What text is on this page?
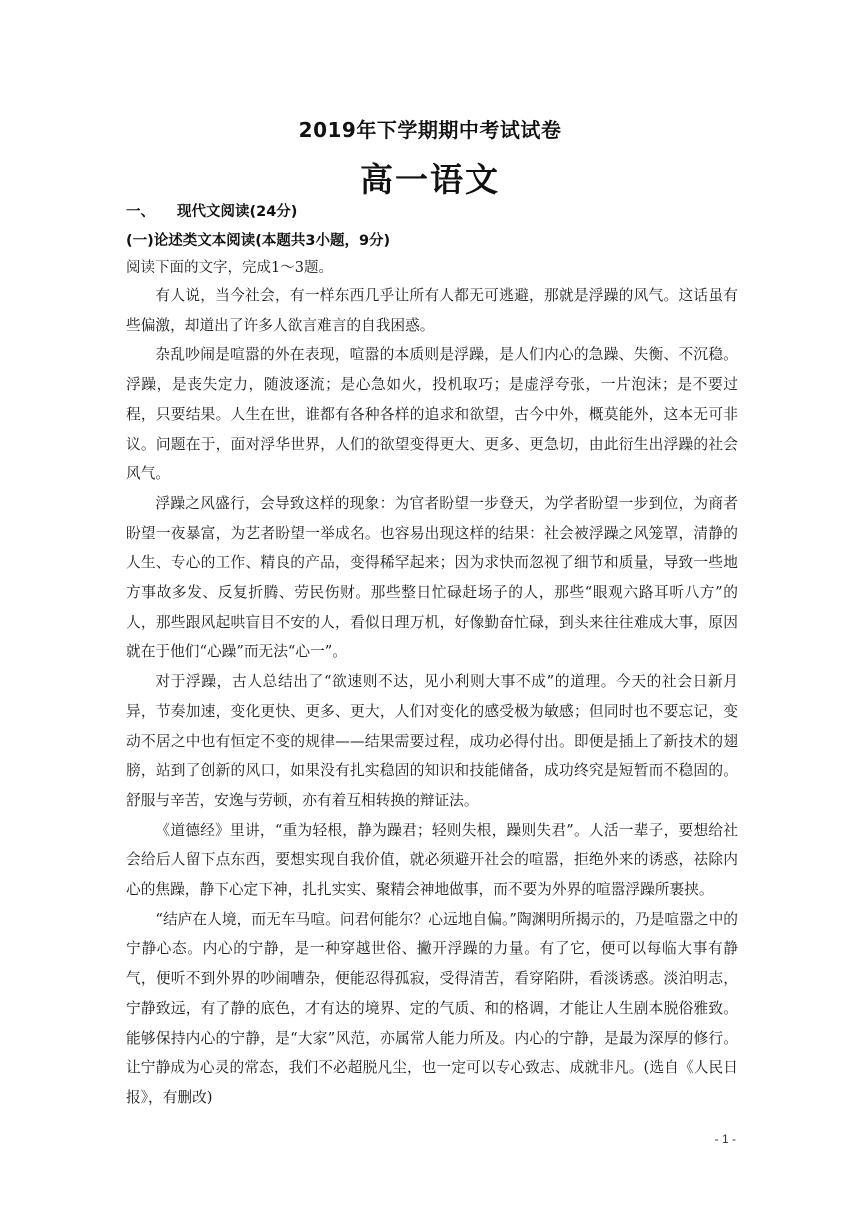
2019年下学期期中考试试卷
高一语文
一、 现代文阅读(24分)
(一)论述类文本阅读(本题共3小题，9分)
阅读下面的文字，完成1～3题。

有人说，当今社会，有一样东西几乎让所有人都无可逃避，那就是浮躁的风气。这话虽有些偏激，却道出了许多人欲言难言的自我困惑。

杂乱吵闹是喧嚣的外在表现，喧嚣的本质则是浮躁，是人们内心的急躁、失衡、不沉稳。浮躁，是丧失定力，随波逐流；是心急如火，投机取巧；是虚浮夸张，一片泡沫；是不要过程，只要结果。人生在世，谁都有各种各样的追求和欲望，古今中外，概莫能外，这本无可非议。问题在于，面对浮华世界，人们的欲望变得更大、更多、更急切，由此衍生出浮躁的社会风气。

浮躁之风盛行，会导致这样的现象：为官者盼望一步登天，为学者盼望一步到位，为商者盼望一夜暴富，为艺者盼望一举成名。也容易出现这样的结果：社会被浮躁之风笼罩，清静的人生、专心的工作、精良的产品，变得稀罕起来；因为求快而忽视了细节和质量，导致一些地方事故多发、反复折腾、劳民伤财。那些整日忙碌赶场子的人，那些“眼观六路耳听八方”的人，那些跟风起哄盲目不安的人，看似日理万机，好像勤奋忙碌，到头来往往难成大事，原因就在于他们“心躁”而无法“心一”。

对于浮躁，古人总结出了“欲速则不达，见小利则大事不成”的道理。今天的社会日新月异，节奏加速，变化更快、更多、更大，人们对变化的感受极为敏感；但同时也不要忘记，变动不居之中也有恒定不变的规律——结果需要过程，成功必得付出。即便是插上了新技术的翅膀，站到了创新的风口，如果没有扎实稳固的知识和技能储备，成功终究是短暂而不稳固的。舒服与辛苦，安逸与劳顿，亦有着互相转换的辩证法。

《道德经》里讲，“重为轻根，静为躁君；轻则失根，躁则失君”。人活一辈子，要想给社会给后人留下点东西，要想实现自我价值，就必须避开社会的喧嚣，拒绝外来的诱惑，祛除内心的焦躁，静下心定下神，扎扎实实、聚精会神地做事，而不要为外界的喧嚣浮躁所裹挟。

“结庐在人境，而无车马喧。问君何能尔？心远地自偏。”陶渊明所揭示的，乃是喧嚣之中的宁静心态。内心的宁静，是一种穿越世俗、撇开浮躁的力量。有了它，便可以每临大事有静气，便听不到外界的吵闹嘈杂，便能忍得孤寂，受得清苦，看穿陷阱，看淡诱惑。淡泊明志，宁静致远，有了静的底色，才有达的境界、定的气质、和的格调，才能让人生剧本脱俗雅致。能够保持内心的宁静，是“大家”风范，亦属常人能力所及。内心的宁静，是最为深厚的修行。让宁静成为心灵的常态，我们不必超脱凡尘，也一定可以专心致志、成就非凡。(选自《人民日报》，有删改)

- 1 -
